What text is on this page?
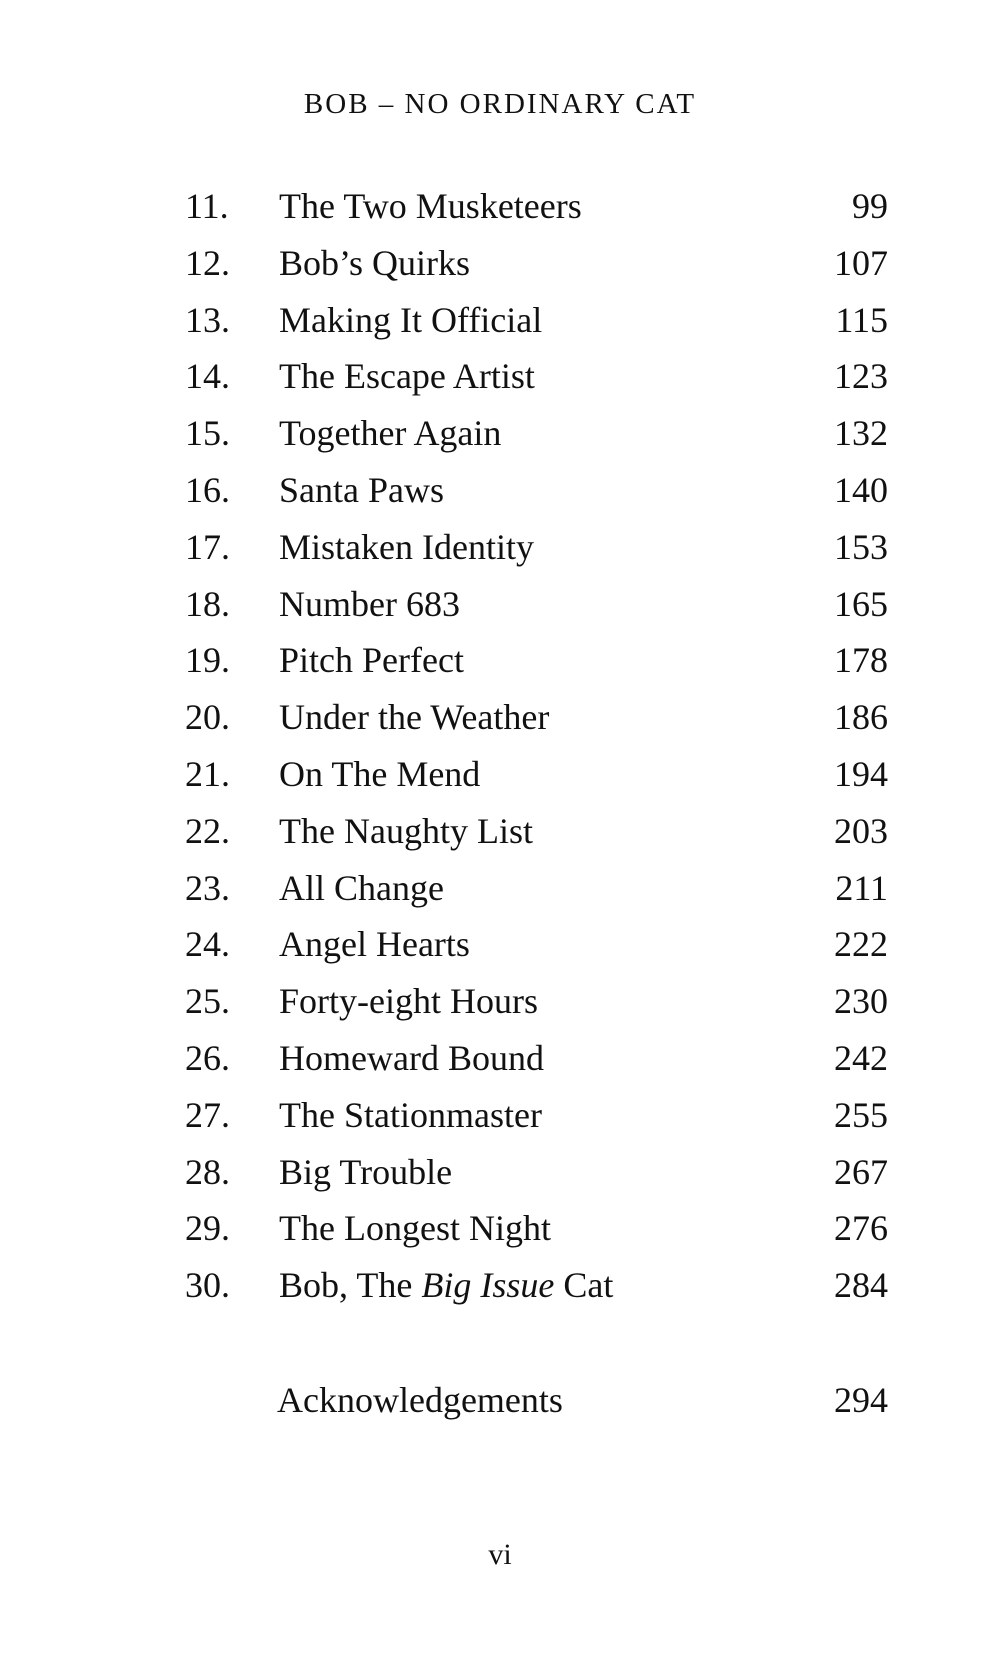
BOB – NO ORDINARY CAT
11.	The Two Musketeers	99
12.	Bob’s Quirks	107
13.	Making It Official	115
14.	The Escape Artist	123
15.	Together Again	132
16.	Santa Paws	140
17.	Mistaken Identity	153
18.	Number 683	165
19.	Pitch Perfect	178
20.	Under the Weather	186
21.	On The Mend	194
22.	The Naughty List	203
23.	All Change	211
24.	Angel Hearts	222
25.	Forty-eight Hours	230
26.	Homeward Bound	242
27.	The Stationmaster	255
28.	Big Trouble	267
29.	The Longest Night	276
30.	Bob, The Big Issue Cat	284
Acknowledgements	294
vi
